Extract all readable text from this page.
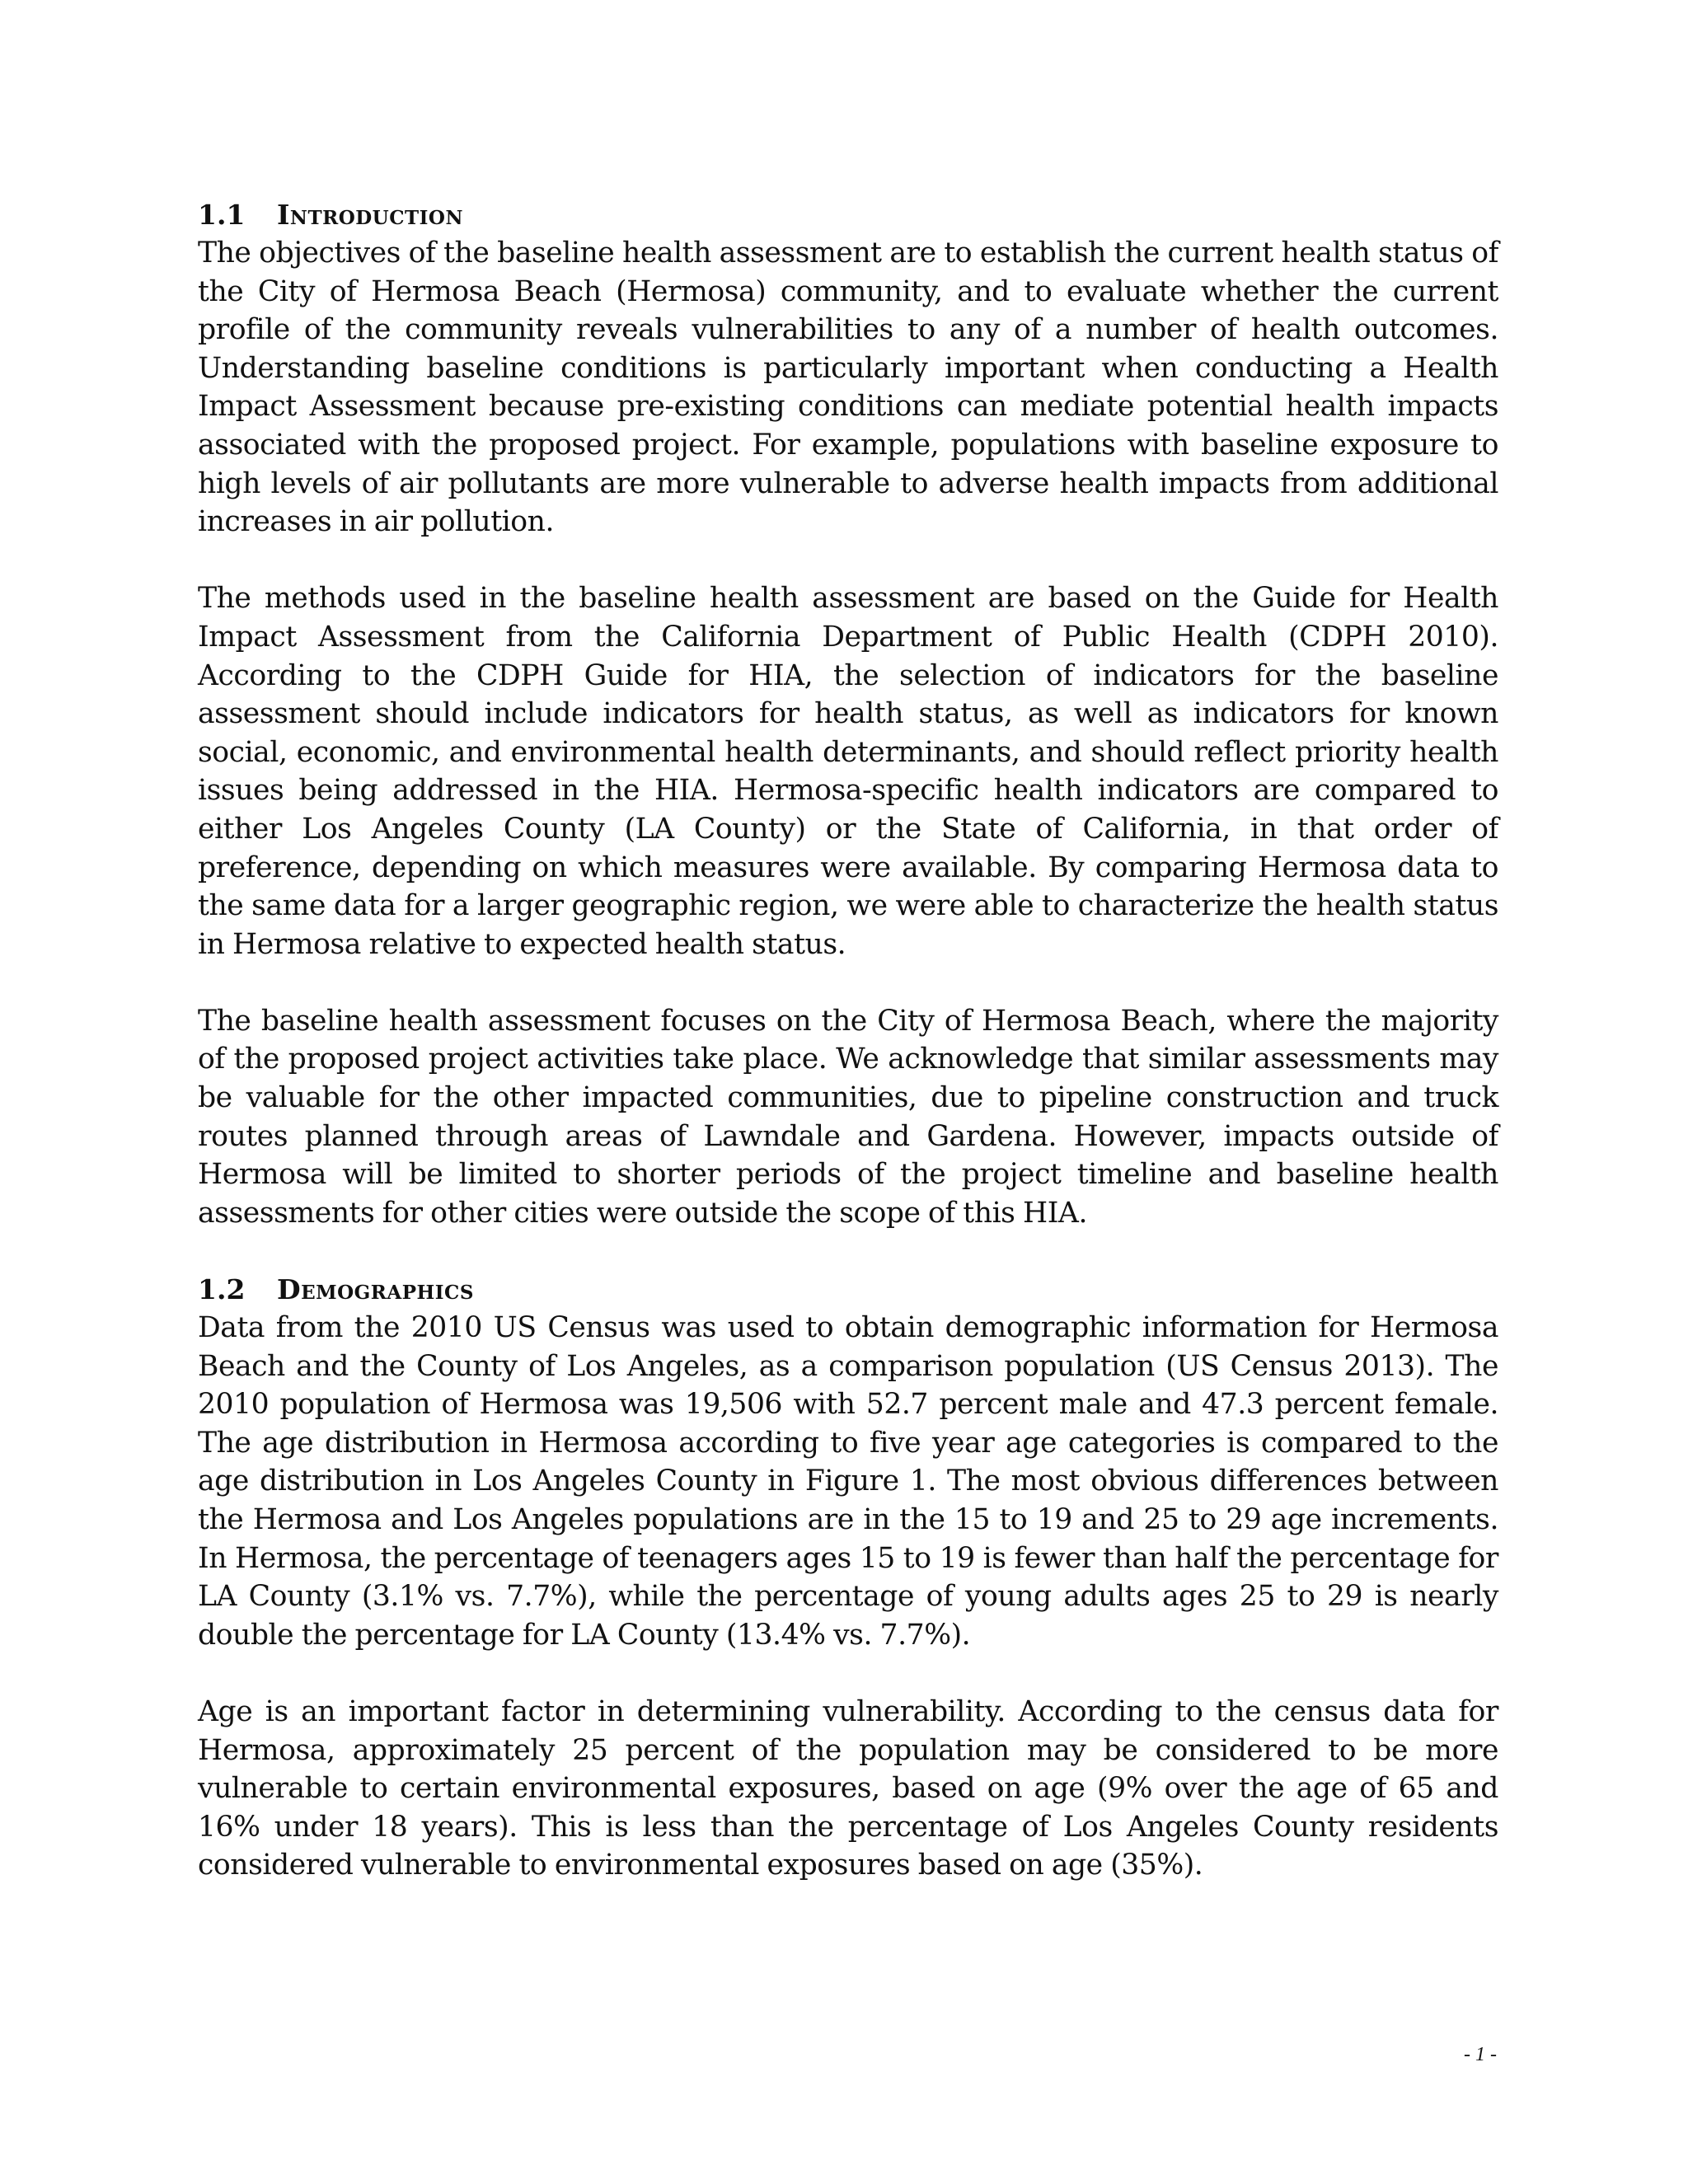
1.1 Introduction

The objectives of the baseline health assessment are to establish the current health status of the City of Hermosa Beach (Hermosa) community, and to evaluate whether the current profile of the community reveals vulnerabilities to any of a number of health outcomes. Understanding baseline conditions is particularly important when conducting a Health Impact Assessment because pre-existing conditions can mediate potential health impacts associated with the proposed project. For example, populations with baseline exposure to high levels of air pollutants are more vulnerable to adverse health impacts from additional increases in air pollution.

The methods used in the baseline health assessment are based on the Guide for Health Impact Assessment from the California Department of Public Health (CDPH 2010). According to the CDPH Guide for HIA, the selection of indicators for the baseline assessment should include indicators for health status, as well as indicators for known social, economic, and environmental health determinants, and should reflect priority health issues being addressed in the HIA. Hermosa-specific health indicators are compared to either Los Angeles County (LA County) or the State of California, in that order of preference, depending on which measures were available. By comparing Hermosa data to the same data for a larger geographic region, we were able to characterize the health status in Hermosa relative to expected health status.

The baseline health assessment focuses on the City of Hermosa Beach, where the majority of the proposed project activities take place. We acknowledge that similar assessments may be valuable for the other impacted communities, due to pipeline construction and truck routes planned through areas of Lawndale and Gardena. However, impacts outside of Hermosa will be limited to shorter periods of the project timeline and baseline health assessments for other cities were outside the scope of this HIA.

1.2 Demographics

Data from the 2010 US Census was used to obtain demographic information for Hermosa Beach and the County of Los Angeles, as a comparison population (US Census 2013). The 2010 population of Hermosa was 19,506 with 52.7 percent male and 47.3 percent female. The age distribution in Hermosa according to five year age categories is compared to the age distribution in Los Angeles County in Figure 1. The most obvious differences between the Hermosa and Los Angeles populations are in the 15 to 19 and 25 to 29 age increments. In Hermosa, the percentage of teenagers ages 15 to 19 is fewer than half the percentage for LA County (3.1% vs. 7.7%), while the percentage of young adults ages 25 to 29 is nearly double the percentage for LA County (13.4% vs. 7.7%).

Age is an important factor in determining vulnerability. According to the census data for Hermosa, approximately 25 percent of the population may be considered to be more vulnerable to certain environmental exposures, based on age (9% over the age of 65 and 16% under 18 years). This is less than the percentage of Los Angeles County residents considered vulnerable to environmental exposures based on age (35%).

- 1 -
